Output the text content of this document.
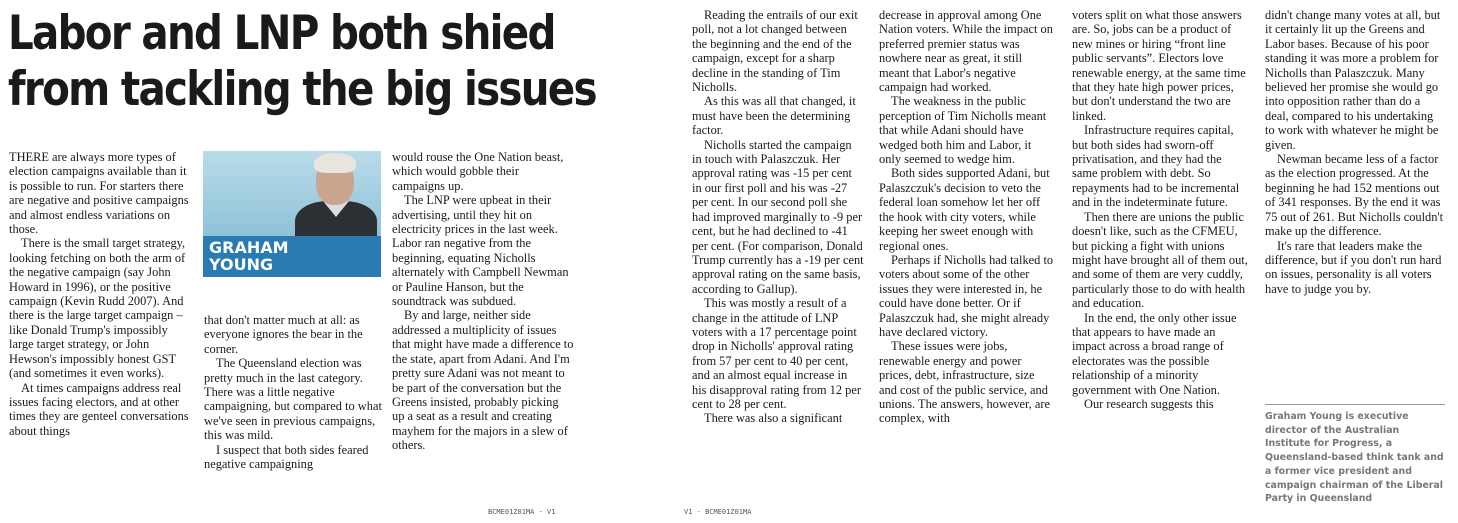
Labor and LNP both shied
from tackling the big issues

THERE are always more types of election campaigns available than it is possible to run. For starters there are negative and positive campaigns and almost endless variations on those.

There is the small target strategy, looking fetching on both the arm of the negative campaign (say John Howard in 1996), or the positive campaign (Kevin Rudd 2007). And there is the large target campaign – like Donald Trump's impossibly large target strategy, or John Hewson's impossibly honest GST (and sometimes it even works).

At times campaigns address real issues facing electors, and at other times they are genteel conversations about things

GRAHAM
YOUNG

that don't matter much at all: as everyone ignores the bear in the corner.

The Queensland election was pretty much in the last category. There was a little negative campaigning, but compared to what we've seen in previous campaigns, this was mild.

I suspect that both sides feared negative campaigning

would rouse the One Nation beast, which would gobble their campaigns up.

The LNP were upbeat in their advertising, until they hit on electricity prices in the last week. Labor ran negative from the beginning, equating Nicholls alternately with Campbell Newman or Pauline Hanson, but the soundtrack was subdued.

By and large, neither side addressed a multiplicity of issues that might have made a difference to the state, apart from Adani. And I'm pretty sure Adani was not meant to be part of the conversation but the Greens insisted, probably picking up a seat as a result and creating mayhem for the majors in a slew of others.

Reading the entrails of our exit poll, not a lot changed between the beginning and the end of the campaign, except for a sharp decline in the standing of Tim Nicholls.

As this was all that changed, it must have been the determining factor.

Nicholls started the campaign in touch with Palaszczuk. Her approval rating was -15 per cent in our first poll and his was -27 per cent. In our second poll she had improved marginally to -9 per cent, but he had declined to -41 per cent. (For comparison, Donald Trump currently has a -19 per cent approval rating on the same basis, according to Gallup).

This was mostly a result of a change in the attitude of LNP voters with a 17 percentage point drop in Nicholls' approval rating from 57 per cent to 40 per cent, and an almost equal increase in his disapproval rating from 12 per cent to 28 per cent.

There was also a significant

decrease in approval among One Nation voters. While the impact on preferred premier status was nowhere near as great, it still meant that Labor's negative campaign had worked.

The weakness in the public perception of Tim Nicholls meant that while Adani should have wedged both him and Labor, it only seemed to wedge him.

Both sides supported Adani, but Palaszczuk's decision to veto the federal loan somehow let her off the hook with city voters, while keeping her sweet enough with regional ones.

Perhaps if Nicholls had talked to voters about some of the other issues they were interested in, he could have done better. Or if Palaszczuk had, she might already have declared victory.

These issues were jobs, renewable energy and power prices, debt, infrastructure, size and cost of the public service, and unions. The answers, however, are complex, with

voters split on what those answers are. So, jobs can be a product of new mines or hiring “front line public servants”. Electors love renewable energy, at the same time that they hate high power prices, but don't understand the two are linked.

Infrastructure requires capital, but both sides had sworn-off privatisation, and they had the same problem with debt. So repayments had to be incremental and in the indeterminate future.

Then there are unions the public doesn't like, such as the CFMEU, but picking a fight with unions might have brought all of them out, and some of them are very cuddly, particularly those to do with health and education.

In the end, the only other issue that appears to have made an impact across a broad range of electorates was the possible relationship of a minority government with One Nation.

Our research suggests this

didn't change many votes at all, but it certainly lit up the Greens and Labor bases. Because of his poor standing it was more a problem for Nicholls than Palaszczuk. Many believed her promise she would go into opposition rather than do a deal, compared to his undertaking to work with whatever he might be given.

Newman became less of a factor as the election progressed. At the beginning he had 152 mentions out of 341 responses. By the end it was 75 out of 261. But Nicholls couldn't make up the difference.

It's rare that leaders make the difference, but if you don't run hard on issues, personality is all voters have to judge you by.

Graham Young is executive director of the Australian Institute for Progress, a Queensland-based think tank and a former vice president and campaign chairman of the Liberal Party in Queensland
BCME01Z01MA - V1	V1 - BCME01Z01MA
